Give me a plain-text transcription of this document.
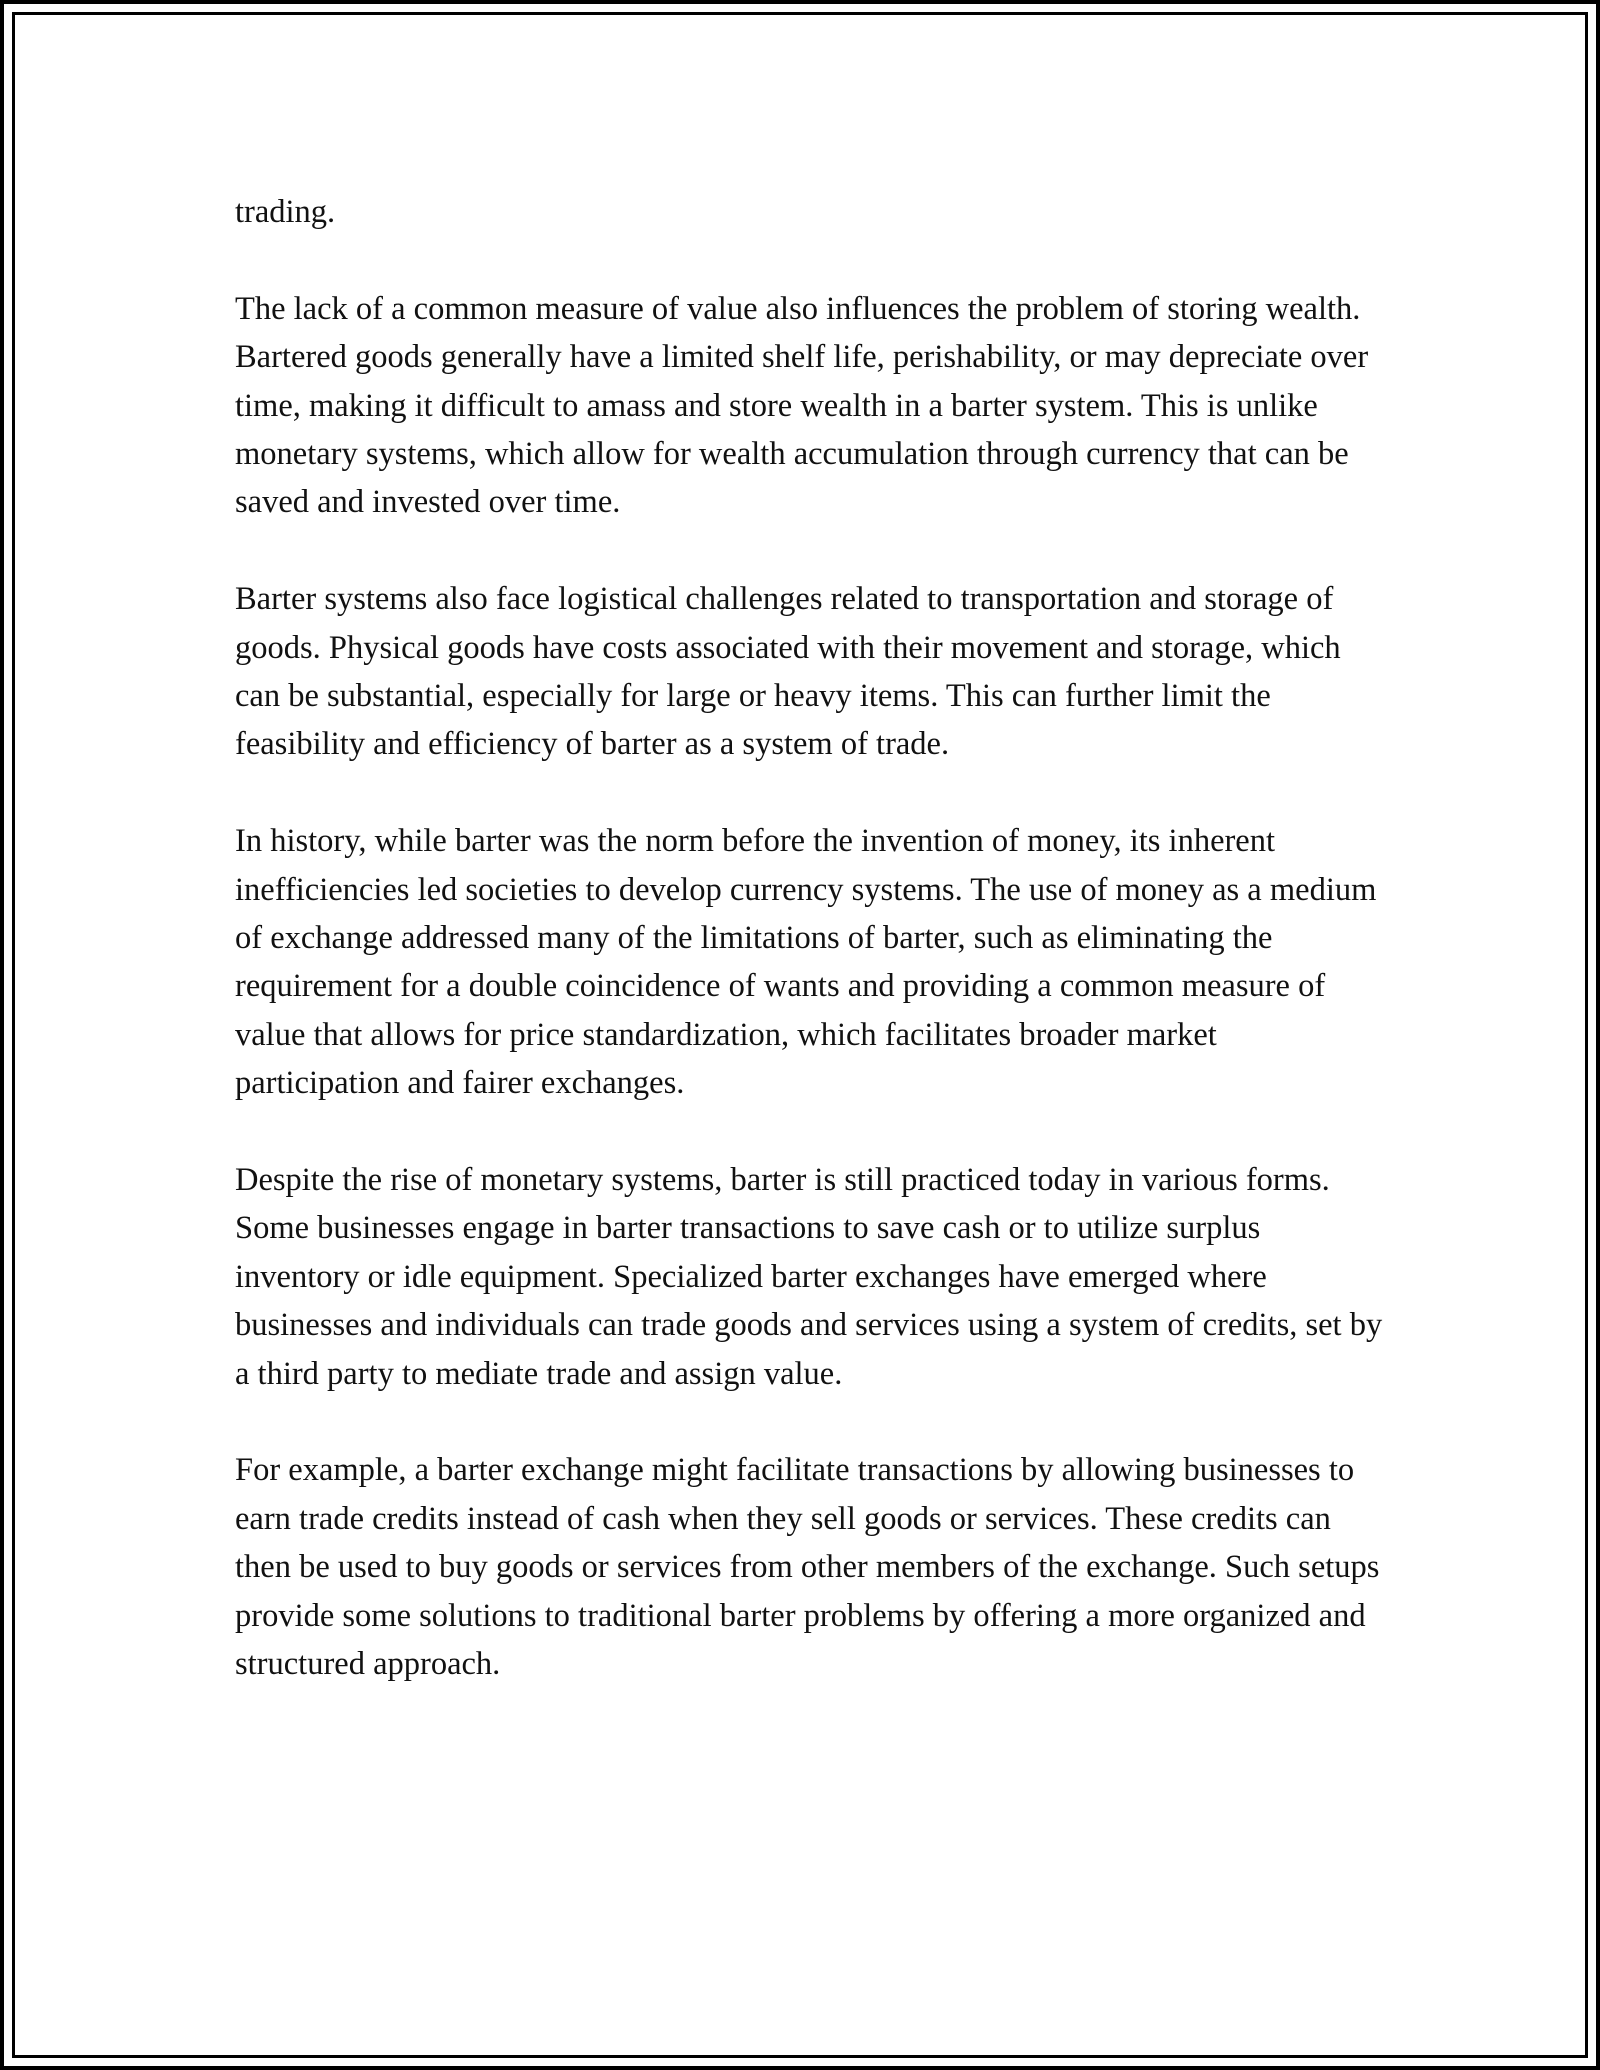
trading.

The lack of a common measure of value also influences the problem of storing wealth. Bartered goods generally have a limited shelf life, perishability, or may depreciate over time, making it difficult to amass and store wealth in a barter system. This is unlike monetary systems, which allow for wealth accumulation through currency that can be saved and invested over time.

Barter systems also face logistical challenges related to transportation and storage of goods. Physical goods have costs associated with their movement and storage, which can be substantial, especially for large or heavy items. This can further limit the feasibility and efficiency of barter as a system of trade.

In history, while barter was the norm before the invention of money, its inherent inefficiencies led societies to develop currency systems. The use of money as a medium of exchange addressed many of the limitations of barter, such as eliminating the requirement for a double coincidence of wants and providing a common measure of value that allows for price standardization, which facilitates broader market participation and fairer exchanges.

Despite the rise of monetary systems, barter is still practiced today in various forms. Some businesses engage in barter transactions to save cash or to utilize surplus inventory or idle equipment. Specialized barter exchanges have emerged where businesses and individuals can trade goods and services using a system of credits, set by a third party to mediate trade and assign value.

For example, a barter exchange might facilitate transactions by allowing businesses to earn trade credits instead of cash when they sell goods or services. These credits can then be used to buy goods or services from other members of the exchange. Such setups provide some solutions to traditional barter problems by offering a more organized and structured approach.
